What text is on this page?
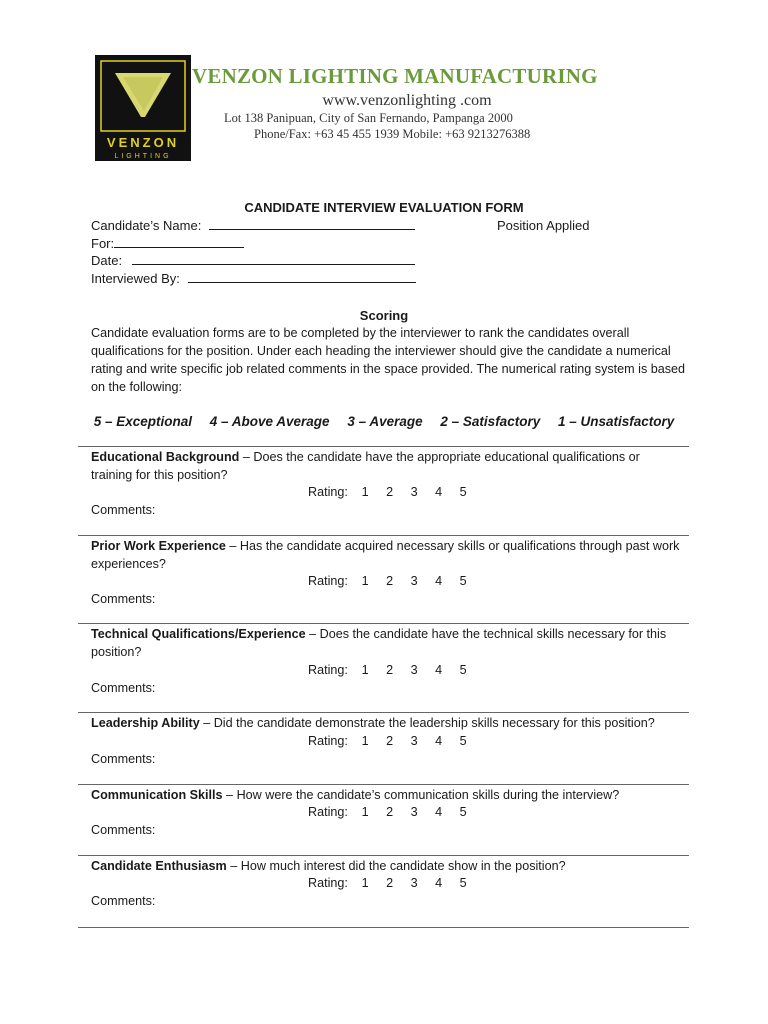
VENZON
LIGHTING
VENZON LIGHTING MANUFACTURING
www.venzonlighting .com
Lot 138 Panipuan, City of San Fernando, Pampanga 2000
Phone/Fax: +63 45 455 1939 Mobile: +63 9213276388
CANDIDATE INTERVIEW EVALUATION FORM
Candidate’s Name:	Position Applied
For:
Date:
Interviewed By:
Scoring
Candidate evaluation forms are to be completed by the interviewer to rank the candidates overall qualifications for the position. Under each heading the interviewer should give the candidate a numerical rating and write specific job related comments in the space provided. The numerical rating system is based on the following:
5 – Exceptional 4 – Above Average 3 – Average 2 – Satisfactory 1 – Unsatisfactory
Educational Background – Does the candidate have the appropriate educational qualifications or training for this position?
Rating: 1 2 3 4 5
Comments:
Prior Work Experience – Has the candidate acquired necessary skills or qualifications through past work experiences?
Rating: 1 2 3 4 5
Comments:
Technical Qualifications/Experience – Does the candidate have the technical skills necessary for this position?
Rating: 1 2 3 4 5
Comments:
Leadership Ability – Did the candidate demonstrate the leadership skills necessary for this position?
Rating: 1 2 3 4 5
Comments:
Communication Skills – How were the candidate’s communication skills during the interview?
Rating: 1 2 3 4 5
Comments:
Candidate Enthusiasm – How much interest did the candidate show in the position?
Rating: 1 2 3 4 5
Comments:
